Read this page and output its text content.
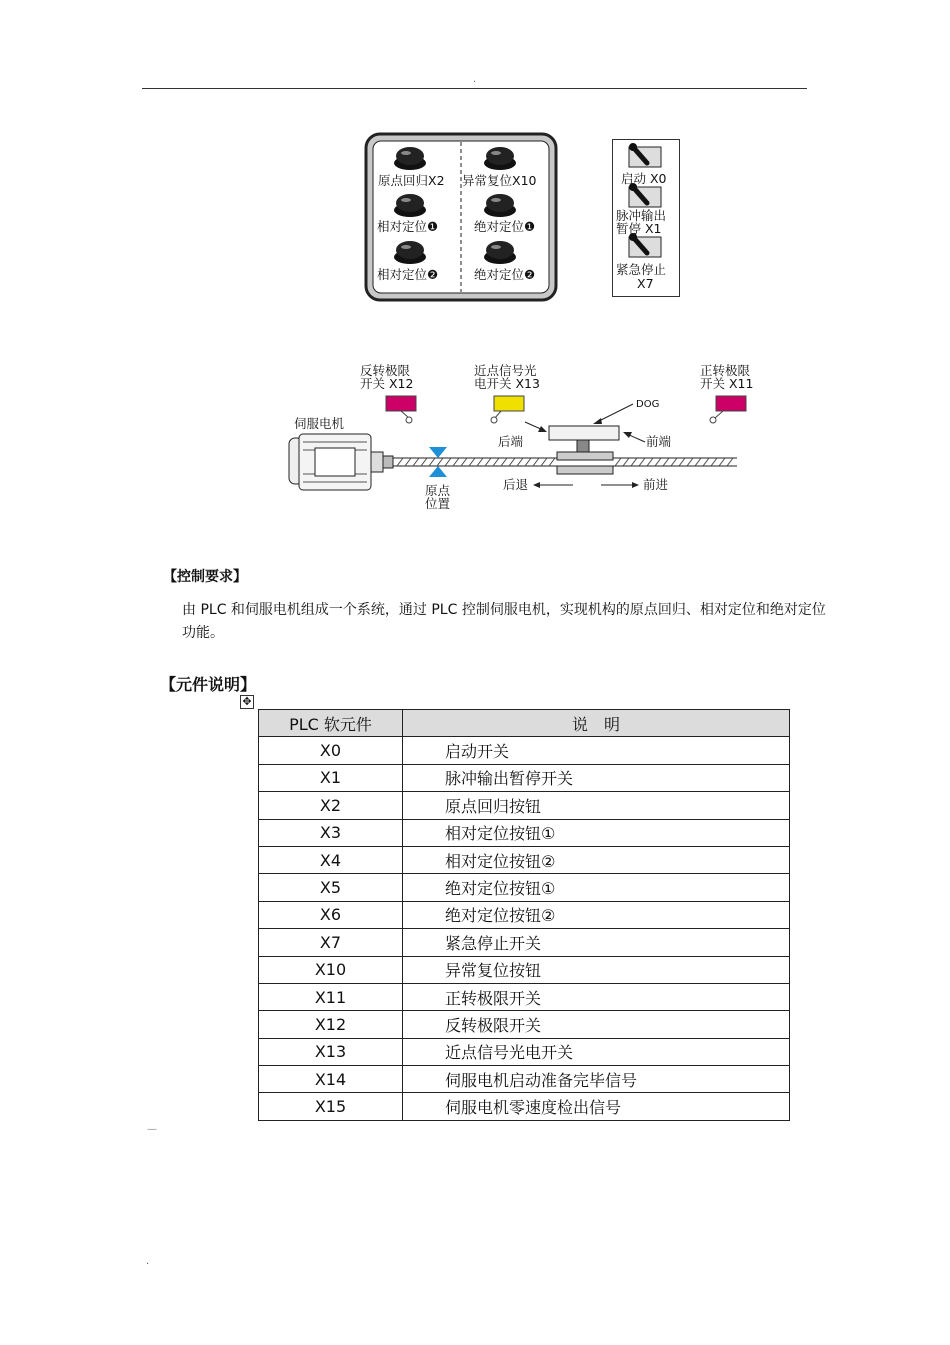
.
原点回归X2
相对定位❶
相对定位❷
异常复位X10
绝对定位❶
绝对定位❷
启动 X0
脉冲输出
暂停 X1
紧急停止
X7
反转极限
开关 X12
近点信号光
电开关 X13
正转极限
开关 X11
伺服电机
DOG
后端	前端
原点
位置
后退	前进
【控制要求】
由 PLC 和伺服电机组成一个系统，通过 PLC 控制伺服电机，实现机构的原点回归、相对定位和绝对定位
功能。
【元件说明】
✥
PLC 软元件	说　明
X0	启动开关
X1	脉冲输出暂停开关
X2	原点回归按钮
X3	相对定位按钮①
X4	相对定位按钮②
X5	绝对定位按钮①
X6	绝对定位按钮②
X7	紧急停止开关
X10	异常复位按钮
X11	正转极限开关
X12	反转极限开关
X13	近点信号光电开关
X14	伺服电机启动准备完毕信号
X15	伺服电机零速度检出信号
—
.
